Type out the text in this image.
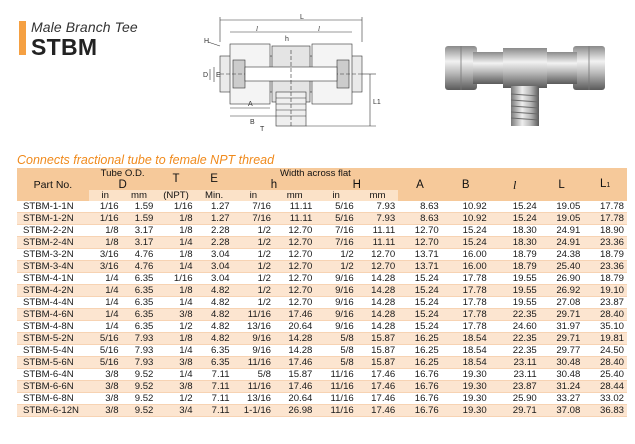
Male Branch Tee
STBM
L
l	l
H	h
D E
A
B
T
L1
Connects fractional tube to female NPT thread
Part No.	Tube O.D.		T	E	Width across flat				A	B	l	L	L1
	D				h		H						
	in	mm	(NPT)	Min.	in	mm	in	mm					
STBM-1-1N	1/16	1.59	1/16	1.27	7/16	11.11	5/16	7.93	8.63	10.92	15.24	19.05	17.78
STBM-1-2N	1/16	1.59	1/8	1.27	7/16	11.11	5/16	7.93	8.63	10.92	15.24	19.05	17.78
STBM-2-2N	1/8	3.17	1/8	2.28	1/2	12.70	7/16	11.11	12.70	15.24	18.30	24.91	18.90
STBM-2-4N	1/8	3.17	1/4	2.28	1/2	12.70	7/16	11.11	12.70	15.24	18.30	24.91	23.36
STBM-3-2N	3/16	4.76	1/8	3.04	1/2	12.70	1/2	12.70	13.71	16.00	18.79	24.38	18.79
STBM-3-4N	3/16	4.76	1/4	3.04	1/2	12.70	1/2	12.70	13.71	16.00	18.79	25.40	23.36
STBM-4-1N	1/4	6.35	1/16	3.04	1/2	12.70	9/16	14.28	15.24	17.78	19.55	26.90	18.79
STBM-4-2N	1/4	6.35	1/8	4.82	1/2	12.70	9/16	14.28	15.24	17.78	19.55	26.92	19.10
STBM-4-4N	1/4	6.35	1/4	4.82	1/2	12.70	9/16	14.28	15.24	17.78	19.55	27.08	23.87
STBM-4-6N	1/4	6.35	3/8	4.82	11/16	17.46	9/16	14.28	15.24	17.78	22.35	29.71	28.40
STBM-4-8N	1/4	6.35	1/2	4.82	13/16	20.64	9/16	14.28	15.24	17.78	24.60	31.97	35.10
STBM-5-2N	5/16	7.93	1/8	4.82	9/16	14.28	5/8	15.87	16.25	18.54	22.35	29.71	19.81
STBM-5-4N	5/16	7.93	1/4	6.35	9/16	14.28	5/8	15.87	16.25	18.54	22.35	29.77	24.50
STBM-5-6N	5/16	7.93	3/8	6.35	11/16	17.46	5/8	15.87	16.25	18.54	23.11	30.48	28.40
STBM-6-4N	3/8	9.52	1/4	7.11	5/8	15.87	11/16	17.46	16.76	19.30	23.11	30.48	25.40
STBM-6-6N	3/8	9.52	3/8	7.11	11/16	17.46	11/16	17.46	16.76	19.30	23.87	31.24	28.44
STBM-6-8N	3/8	9.52	1/2	7.11	13/16	20.64	11/16	17.46	16.76	19.30	25.90	33.27	33.02
STBM-6-12N	3/8	9.52	3/4	7.11	1-1/16	26.98	11/16	17.46	16.76	19.30	29.71	37.08	36.83
